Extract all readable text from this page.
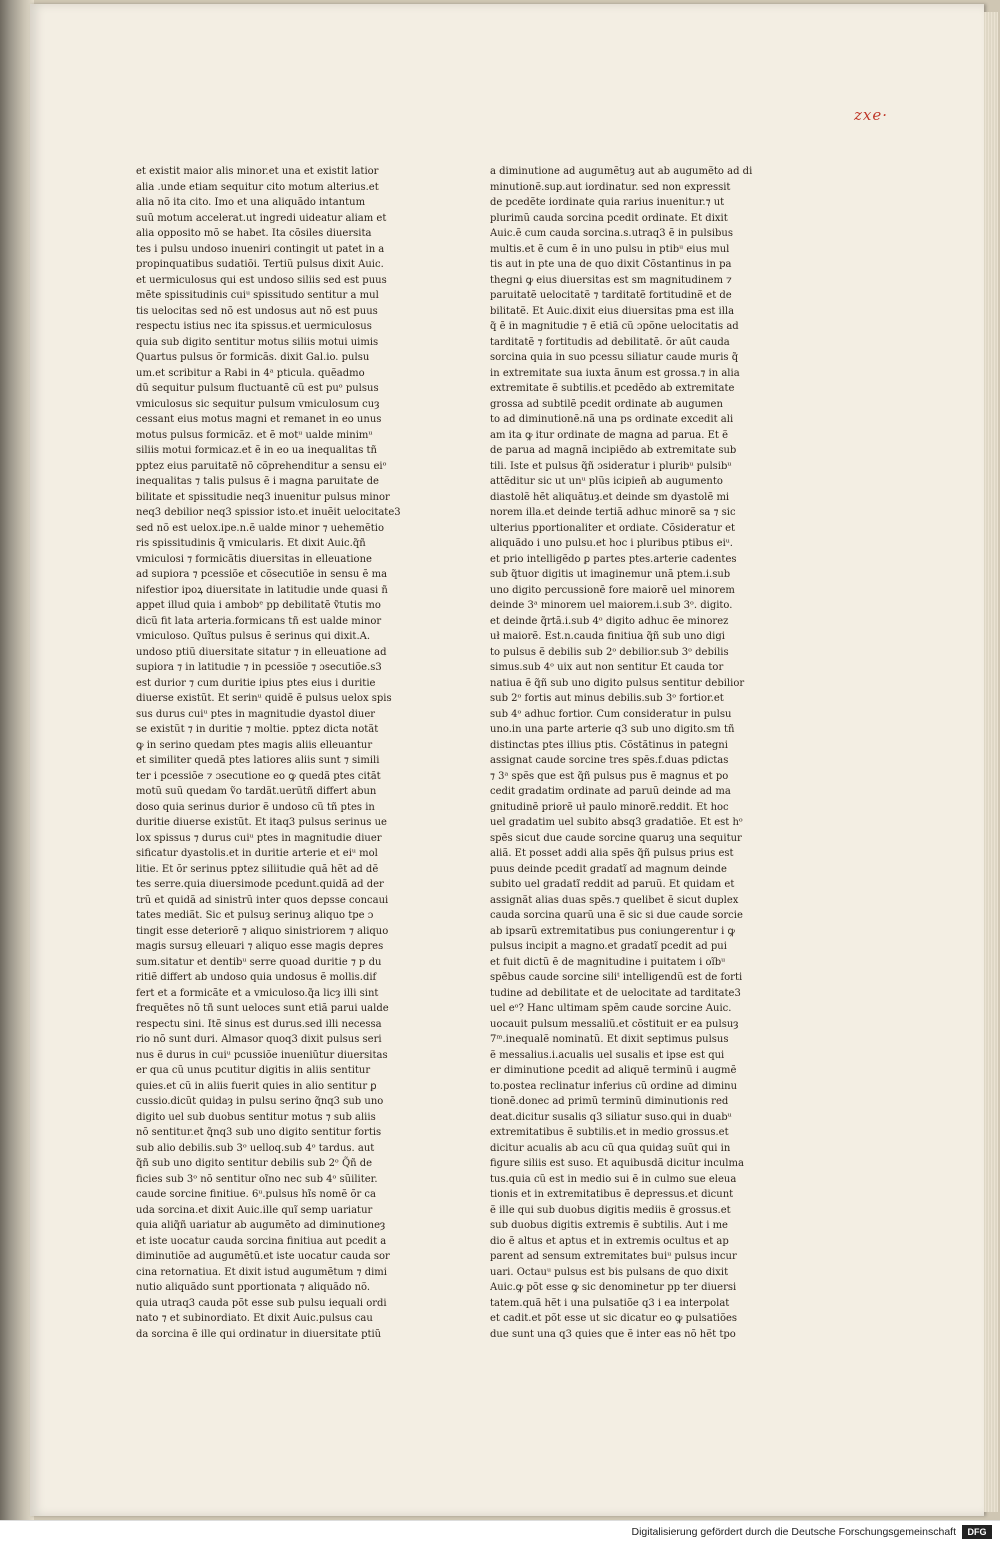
zxe·
et existit maior alis minor.et una et existit latior
alia .unde etiam sequitur cito motum alterius.et
alia nõ ita cito. Imo et una aliquãdo intantum
suũ motum accelerat.ut ingredi uideatur aliam et
alia opposito mõ se habet. Ita cõsiles diuersita
tes i pulsu undoso inueniri contingit ut patet in a
propinquatibus sudatiõi. Tertiũ pulsus dixit Auic.
et uermiculosus qui est undoso siliis sed est puus
mẽte spissitudinis cuiᵘ spissitudo sentitur a mul
tis uelocitas sed nõ est undosus aut nõ est puus
respectu istius nec ita spissus.et uermiculosus
quia sub digito sentitur motus siliis motui uimis
Quartus pulsus õr formicãs. dixit Gal.io. pulsu
um.et scribitur a Rabi in 4ᵃ pticula. quẽadmo
dũ sequitur pulsum fluctuantẽ cũ est puᵒ pulsus
vmiculosus sic sequitur pulsum vmiculosum cuȝ
cessant eius motus magni et remanet in eo unus
motus pulsus formicãz. et ẽ motᵘ ualde minimᵘ
siliis motui formicaz.et ẽ in eo ua inequalitas tñ
pptez eius paruitatẽ nõ cõprehenditur a sensu eiᵒ
inequalitas ⁊ talis pulsus ẽ i magna paruitate de
bilitate et spissitudie neq3 inuenitur pulsus minor
neq3 debilior neq3 spissior isto.et inuẽit uelocitate3
sed nõ est uelox.ipe.n.ẽ ualde minor ⁊ uehemẽtio
ris spissitudinis q̃ vmicularis. Et dixit Auic.q̃ñ
vmiculosi ⁊ formicãtis diuersitas in elleuatione
ad supiora ⁊ pcessiõe et cõsecutiõe in sensu ẽ ma
nifestior ipoꝝ diuersitate in latitudie unde quasi ñ
appet illud quia i ambobᵉ pp debilitatẽ ṽtutis mo
dicũ fit lata arteria.formicans tñ est ualde minor
vmiculoso. Quĩtus pulsus ẽ serinus qui dixit.A.
undoso ptiũ diuersitate sitatur ⁊ in elleuatione ad
supiora ⁊ in latitudie ⁊ in pcessiõe ⁊ ɔsecutiõe.s3
est durior ⁊ cum duritie ipius ptes eius i duritie
diuerse existũt. Et serinᵘ quidẽ ẽ pulsus uelox spis
sus durus cuiᵘ ptes in magnitudie dyastol diuer
se existũt ⁊ in duritie ⁊ moltie. pptez dicta notãt
ꝙ in serino quedam ptes magis aliis elleuantur
et similiter quedã ptes latiores aliis sunt ⁊ simili
ter i pcessiõe ⁊ ɔsecutione eo ꝙ quedã ptes citãt
motũ suũ quedam ṽo tardãt.uerũtñ differt abun
doso quia serinus durior ẽ undoso cũ tñ ptes in
duritie diuerse existũt. Et itaq3 pulsus serinus ue
lox spissus ⁊ durus cuiᵘ ptes in magnitudie diuer
sificatur dyastolis.et in duritie arterie et eiᵘ mol
litie. Et õr serinus pptez siliitudie quã hẽt ad dẽ
tes serre.quia diuersimode pcedunt.quidã ad der
trũ et quidã ad sinistrũ inter quos depsse concaui
tates mediãt. Sic et pulsuȝ serinuȝ aliquo tpe ɔ
tingit esse deteriorẽ ⁊ aliquo sinistriorem ⁊ aliquo
magis sursuȝ elleuari ⁊ aliquo esse magis depres
sum.sitatur et dentibᵘ serre quoad duritie ⁊ p du
ritiẽ differt ab undoso quia undosus ẽ mollis.dif
fert et a formicãte et a vmiculoso.q̃a licȝ illi sint
frequẽtes nõ tñ sunt ueloces sunt etiã parui ualde
respectu sini. Itẽ sinus est durus.sed illi necessa
rio nõ sunt duri. Almasor quoq3 dixit pulsus seri
nus ẽ durus in cuiᵘ pcussiõe inueniũtur diuersitas
er qua cũ unus pcutitur digitis in aliis sentitur
quies.et cũ in aliis fuerit quies in alio sentitur ꝑ
cussio.dicũt quidaȝ in pulsu serino q̃nq3 sub uno
digito uel sub duobus sentitur motus ⁊ sub aliis
nõ sentitur.et q̃nq3 sub uno digito sentitur fortis
sub alio debilis.sub 3ᵒ uelloq.sub 4ᵒ tardus. aut
q̃ñ sub uno digito sentitur debilis sub 2ᵒ Q̃ñ de
ficies sub 3ᵒ nõ sentitur oĩno nec sub 4ᵒ sũiliter.
caude sorcine finitiue. 6ᵘ.pulsus hĩs nomẽ õr ca
uda sorcina.et dixit Auic.ille quĩ semp uariatur
quia aliq̃ñ uariatur ab augumẽto ad diminutioneȝ
et iste uocatur cauda sorcina finitiua aut pcedit a
diminutiõe ad augumẽtũ.et iste uocatur cauda sor
cina retornatiua. Et dixit istud augumẽtum ⁊ dimi
nutio aliquãdo sunt pportionata ⁊ aliquãdo nõ.
quia utraq3 cauda põt esse sub pulsu iequali ordi
nato ⁊ et subinordiato. Et dixit Auic.pulsus cau
da sorcina ẽ ille qui ordinatur in diuersitate ptiũ
a diminutione ad augumẽtuȝ aut ab augumẽto ad di
minutionẽ.sup.aut iordinatur. sed non expressit
de pcedẽte iordinate quia rarius inuenitur.⁊ ut
plurimũ cauda sorcina pcedit ordinate. Et dixit
Auic.ẽ cum cauda sorcina.s.utraq3 ẽ in pulsibus
multis.et ẽ cum ẽ in uno pulsu in ptibᵘ eius mul
tis aut in pte una de quo dixit Cõstantinus in pa
thegni ꝙ eius diuersitas est sm magnitudinem ⁊
paruitatẽ uelocitatẽ ⁊ tarditatẽ fortitudinẽ et de
bilitatẽ. Et Auic.dixit eius diuersitas pma est illa
q̃ ẽ in magnitudie ⁊ ẽ etiã cũ ɔpõne uelocitatis ad
tarditatẽ ⁊ fortitudis ad debilitatẽ. õr aũt cauda
sorcina quia in suo pcessu siliatur caude muris q̃
in extremitate sua iuxta ãnum est grossa.⁊ in alia
extremitate ẽ subtilis.et pcedẽdo ab extremitate
grossa ad subtilẽ pcedit ordinate ab augumen
to ad diminutionẽ.nã una ps ordinate excedit ali
am ita ꝙ itur ordinate de magna ad parua. Et ẽ
de parua ad magnã incipiẽdo ab extremitate sub
tili. Iste et pulsus q̃ñ ɔsideratur i pluribᵘ pulsibᵘ
attẽditur sic ut unᵘ plũs icipien̄ ab augumento
diastolẽ hẽt aliquãtuȝ.et deinde sm dyastolẽ mi
norem illa.et deinde tertiã adhuc minorẽ sa ⁊ sic
ulterius pportionaliter et ordiate. Cõsideratur et
aliquãdo i uno pulsu.et hoc i pluribus ptibus eiᵘ.
et prio intelligẽdo ꝑ partes ptes.arterie cadentes
sub q̃tuor digitis ut imaginemur unã ptem.i.sub
uno digito percussionẽ fore maiorẽ uel minorem
deinde 3ᵃ minorem uel maiorem.i.sub 3ᵒ. digito.
et deinde q̃rtã.i.sub 4ᵒ digito adhuc ẽe minorez
uł maiorẽ. Est.n.cauda finitiua q̃ñ sub uno digi
to pulsus ẽ debilis sub 2ᵒ debilior.sub 3ᵒ debilis
simus.sub 4ᵒ uix aut non sentitur Et cauda tor
natiua ẽ q̃ñ sub uno digito pulsus sentitur debilior
sub 2ᵒ fortis aut minus debilis.sub 3ᵒ fortior.et
sub 4ᵒ adhuc fortior. Cum consideratur in pulsu
uno.in una parte arterie q3 sub uno digito.sm tñ
distinctas ptes illius ptis. Cõstãtinus in pategni
assignat caude sorcine tres spẽs.f.duas pdictas
⁊ 3ᵃ spẽs que est q̃ñ pulsus pus ẽ magnus et po
cedit gradatim ordinate ad paruũ deinde ad ma
gnitudinẽ priorẽ uł paulo minorẽ.reddit. Et hoc
uel gradatim uel subito absq3 gradatiõe. Et est hᵒ
spẽs sicut due caude sorcine quaruȝ una sequitur
aliã. Et posset addi alia spẽs q̃ñ pulsus prius est
puus deinde pcedit gradatĩ ad magnum deinde
subito uel gradatĩ reddit ad paruũ. Et quidam et
assignãt alias duas spẽs.⁊ quelibet ẽ sicut duplex
cauda sorcina quarũ una ẽ sic si due caude sorcie
ab ipsarũ extremitatibus pus coniungerentur i ꝙ
pulsus incipit a magno.et gradatĩ pcedit ad pui
et fuit dictũ ẽ de magnitudine i puitatem i oĩbᵘ
spẽbus caude sorcine siliᵗ intelligendũ est de forti
tudine ad debilitate et de uelocitate ad tarditate3
uel eᵒ? Hanc ultimam spẽm caude sorcine Auic.
uocauit pulsum messaliũ.et cõstituit er ea pulsuȝ
7ᵐ.inequalẽ nominatũ. Et dixit septimus pulsus
ẽ messalius.i.acualis uel susalis et ipse est qui
er diminutione pcedit ad aliquẽ terminũ i augmẽ
to.postea reclinatur inferius cũ ordine ad diminu
tionẽ.donec ad primũ terminũ diminutionis red
deat.dicitur susalis q3 siliatur suso.qui in duabᵘ
extremitatibus ẽ subtilis.et in medio grossus.et
dicitur acualis ab acu cũ qua quidaȝ suũt qui in
figure siliis est suso. Et aquibusdã dicitur inculma
tus.quia cũ est in medio sui ẽ in culmo sue eleua
tionis et in extremitatibus ẽ depressus.et dicunt
ẽ ille qui sub duobus digitis mediis ẽ grossus.et
sub duobus digitis extremis ẽ subtilis. Aut i me
dio ẽ altus et aptus et in extremis ocultus et ap
parent ad sensum extremitates buiᵘ pulsus incur
uari. Octauᵘ pulsus est bis pulsans de quo dixit
Auic.ꝙ põt esse ꝙ sic denominetur pp ter diuersi
tatem.quã hẽt i una pulsatiõe q3 i ea interpolat
et cadit.et põt esse ut sic dicatur eo ꝙ pulsatiões
due sunt una q3 quies que ẽ inter eas nõ hẽt tpo
Digitalisierung gefördert durch die Deutsche Forschungsgemeinschaft	DFG
